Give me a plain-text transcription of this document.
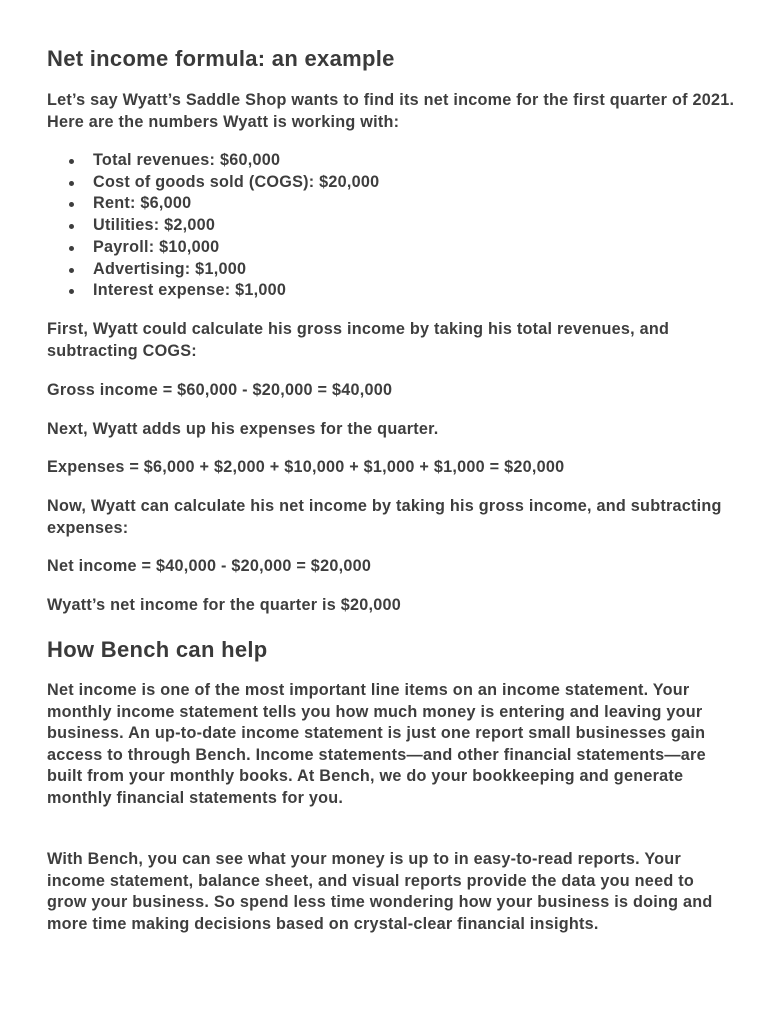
Net income formula: an example

Let’s say Wyatt’s Saddle Shop wants to find its net income for the first quarter of 2021. Here are the numbers Wyatt is working with:

Total revenues: $60,000
Cost of goods sold (COGS): $20,000
Rent: $6,000
Utilities: $2,000
Payroll: $10,000
Advertising: $1,000
Interest expense: $1,000

First, Wyatt could calculate his gross income by taking his total revenues, and subtracting COGS:

Gross income = $60,000 - $20,000 = $40,000

Next, Wyatt adds up his expenses for the quarter.

Expenses = $6,000 + $2,000 + $10,000 + $1,000 + $1,000 = $20,000

Now, Wyatt can calculate his net income by taking his gross income, and subtracting expenses:

Net income = $40,000 - $20,000 = $20,000

Wyatt’s net income for the quarter is $20,000

How Bench can help

Net income is one of the most important line items on an income statement. Your monthly income statement tells you how much money is entering and leaving your business. An up-to-date income statement is just one report small businesses gain access to through Bench. Income statements—and other financial statements—are built from your monthly books. At Bench, we do your bookkeeping and generate monthly financial statements for you.

With Bench, you can see what your money is up to in easy-to-read reports. Your income statement, balance sheet, and visual reports provide the data you need to grow your business. So spend less time wondering how your business is doing and more time making decisions based on crystal-clear financial insights.
